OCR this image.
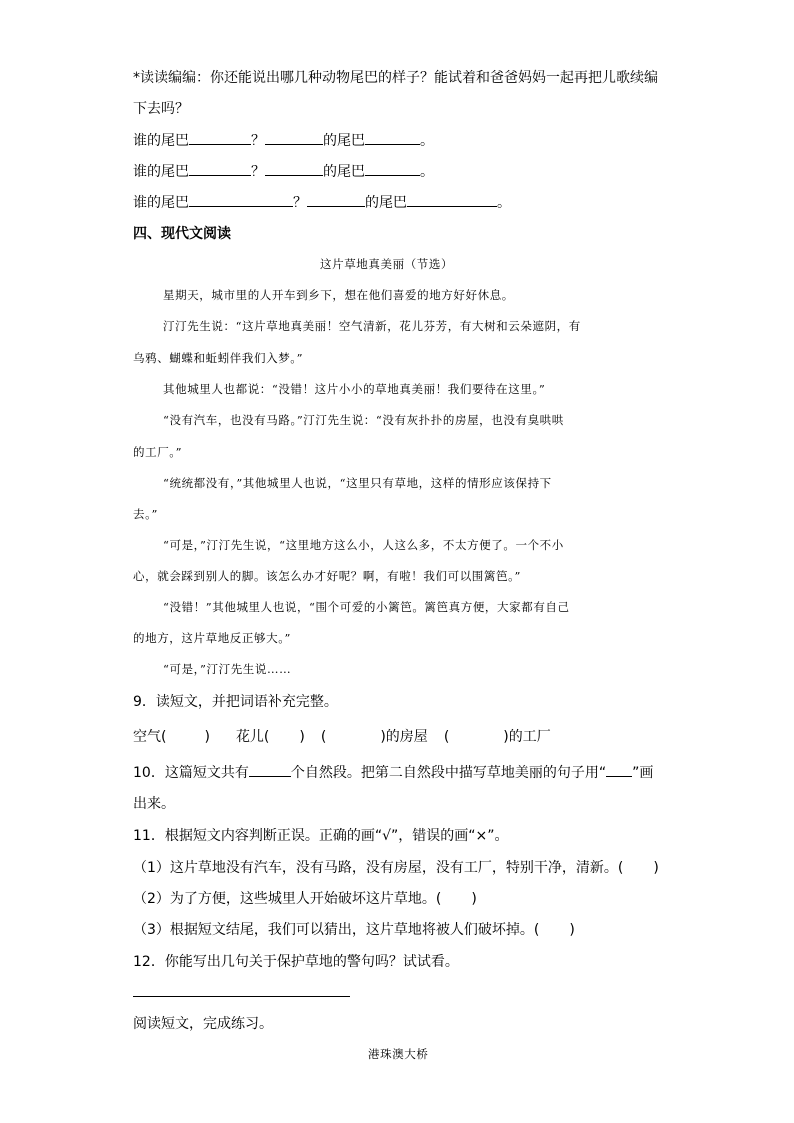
*读读编编：你还能说出哪几种动物尾巴的样子？能试着和爸爸妈妈一起再把儿歌续编
下去吗？
谁的尾巴	？	的尾巴	。
谁的尾巴	？	的尾巴	。
谁的尾巴	？	的尾巴	。
四、现代文阅读
这片草地真美丽（节选）
星期天，城市里的人开车到乡下，想在他们喜爱的地方好好休息。
汀汀先生说：“这片草地真美丽！空气清新，花儿芬芳，有大树和云朵遮阴，有
乌鸦、蝴蝶和蚯蚓伴我们入梦。”
其他城里人也都说：“没错！这片小小的草地真美丽！我们要待在这里。”
“没有汽车，也没有马路。”汀汀先生说：“没有灰扑扑的房屋，也没有臭哄哄
的工厂。”
“统统都没有，”其他城里人也说，“这里只有草地，这样的情形应该保持下
去。”
“可是，”汀汀先生说，“这里地方这么小，人这么多，不太方便了。一个不小
心，就会踩到别人的脚。该怎么办才好呢？啊，有啦！我们可以围篱笆。”
“没错！”其他城里人也说，“围个可爱的小篱笆。篱笆真方便，大家都有自己
的地方，这片草地反正够大。”
“可是，”汀汀先生说……
9．读短文，并把词语补充完整。
空气(	) 花儿( ) (	)的房屋 (	)的工厂
10．这篇短文共有	个自然段。把第二自然段中描写草地美丽的句子用“ ”画
出来。
11．根据短文内容判断正误。正确的画“√”，错误的画“×”。
（1）这片草地没有汽车，没有马路，没有房屋，没有工厂，特别干净，清新。( )
（2）为了方便，这些城里人开始破坏这片草地。( )
（3）根据短文结尾，我们可以猜出，这片草地将被人们破坏掉。( )
12．你能写出几句关于保护草地的警句吗？试试看。
阅读短文，完成练习。
港珠澳大桥
